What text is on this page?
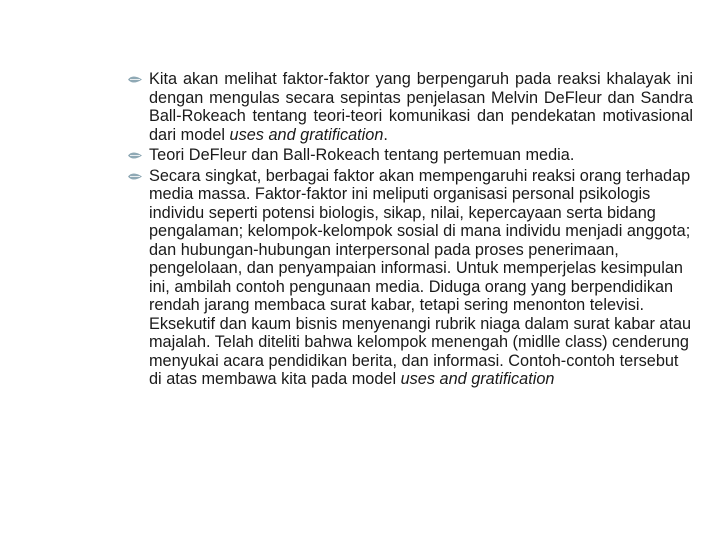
Kita akan melihat faktor-faktor yang berpengaruh pada reaksi khalayak ini dengan mengulas secara sepintas penjelasan Melvin DeFleur dan Sandra Ball-Rokeach tentang teori-teori komunikasi dan pendekatan motivasional dari model uses and gratification.
Teori DeFleur dan Ball-Rokeach tentang pertemuan media.
Secara singkat, berbagai faktor akan mempengaruhi reaksi orang terhadap media massa. Faktor-faktor ini meliputi organisasi personal psikologis individu seperti potensi biologis, sikap, nilai, kepercayaan serta bidang pengalaman; kelompok-kelompok sosial di mana individu menjadi anggota; dan hubungan-hubungan interpersonal pada proses penerimaan, pengelolaan, dan penyampaian informasi. Untuk memperjelas kesimpulan ini, ambilah contoh pengunaan media. Diduga orang yang berpendidikan rendah jarang membaca surat kabar, tetapi sering menonton televisi. Eksekutif dan kaum bisnis menyenangi rubrik niaga dalam surat kabar atau majalah. Telah diteliti bahwa kelompok menengah (midlle class) cenderung menyukai acara pendidikan berita, dan informasi. Contoh-contoh tersebut di atas membawa kita pada model uses and gratification
